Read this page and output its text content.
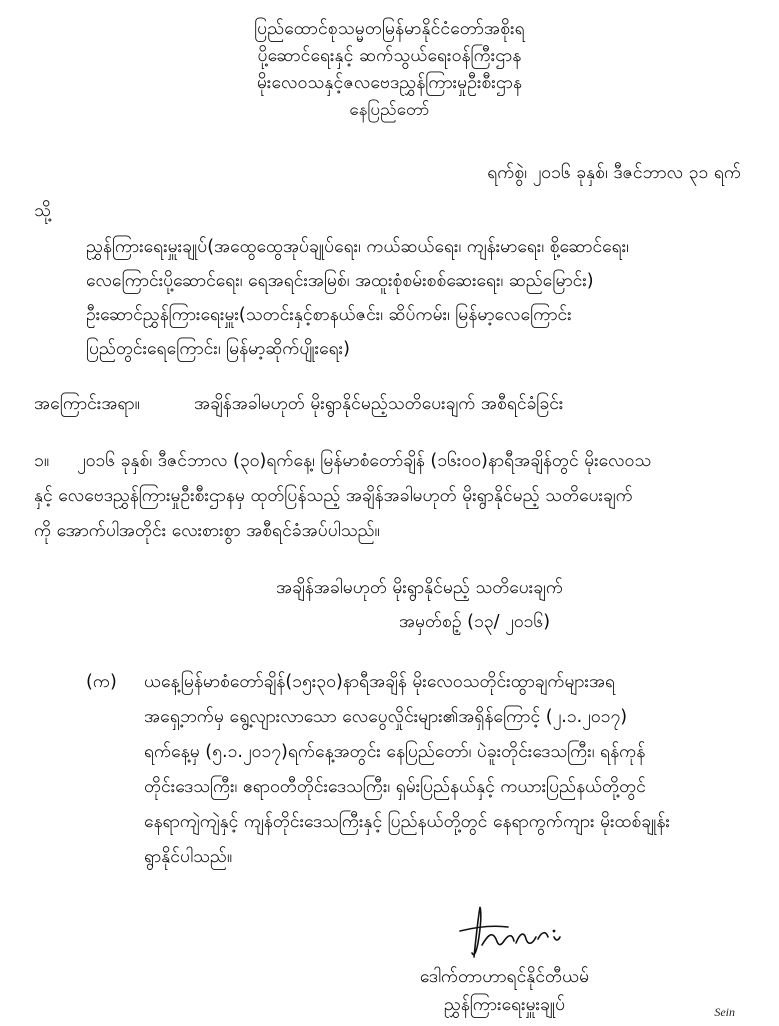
ပြည်ထောင်စုသမ္မတမြန်မာနိုင်ငံတော်အစိုးရ
ပို့ဆောင်ရေးနှင့် ဆက်သွယ်ရေးဝန်ကြီးဌာန
မိုးလေဝသနှင့်ဇလဗေဒညွှန်ကြားမှုဦးစီးဌာန
နေပြည်တော်
ရက်စွဲ၊ ၂၀၁၆ ခုနှစ်၊ ဒီဇင်ဘာလ ၃၁ ရက်
သို့
ညွှန်ကြားရေးမှူးချုပ်(အထွေထွေအုပ်ချုပ်ရေး၊ ကယ်ဆယ်ရေး၊ ကျန်းမာရေး၊ စို့ဆောင်ရေး၊
လေကြောင်းပို့ဆောင်ရေး၊ ရေအရင်းအမြစ်၊ အထူးစုံစမ်းစစ်ဆေးရေး၊ ဆည်မြောင်း)
ဦးဆောင်ညွှန်ကြားရေးမှူး(သတင်းနှင့်စာနယ်ဇင်း၊ ဆိပ်ကမ်း၊ မြန်မာ့လေကြောင်း
ပြည်တွင်းရေကြောင်း၊ မြန်မာ့ဆိုက်ပျိုးရေး)
အကြောင်းအရာ။	အချိန်အခါမဟုတ် မိုးရွာနိုင်မည့်သတိပေးချက် အစီရင်ခံခြင်း
၁။ ၂၀၁၆ ခုနှစ်၊ ဒီဇင်ဘာလ (၃၀)ရက်နေ့၊ မြန်မာစံတော်ချိန် (၁၆း၀၀)နာရီအချိန်တွင် မိုးလေဝသ
နှင့် လေဗေဒညွှန်ကြားမှုဦးစီးဌာနမှ ထုတ်ပြန်သည့် အချိန်အခါမဟုတ် မိုးရွာနိုင်မည့် သတိပေးချက်
ကို အောက်ပါအတိုင်း လေးစားစွာ အစီရင်ခံအပ်ပါသည်။
အချိန်အခါမဟုတ် မိုးရွာနိုင်မည့် သတိပေးချက်
အမှတ်စဉ့် (၁၃/ ၂၀၁၆)
(က)	ယနေ့မြန်မာစံတော်ချိန်(၁၅း၃၀)နာရီအချိန် မိုးလေဝသတိုင်းထွာချက်များအရ
အရှေ့ဘက်မှ ရွေ့လျားလာသော လေပွေလှိုင်းများ၏အရှိန်ကြောင့် (၂.၁.၂၀၁၇)
ရက်နေ့မှ (၅.၁.၂၀၁၇)ရက်နေ့အတွင်း နေပြည်တော်၊ ပဲခူးတိုင်းဒေသကြီး၊ ရန်ကုန်
တိုင်းဒေသကြီး၊ ဧရာဝတီတိုင်းဒေသကြီး၊ ရှမ်းပြည်နယ်နှင့် ကယားပြည်နယ်တို့တွင်
နေရာကျဲကျဲနှင့် ကျန်တိုင်းဒေသကြီးနှင့် ပြည်နယ်တို့တွင် နေရာကွက်ကျား မိုးထစ်ချုန်း
ရွာနိုင်ပါသည်။
ဒေါက်တာဟာရင်နိုင်တီယမ်
ညွှန်ကြားရေးမှူးချုပ်	Sein
